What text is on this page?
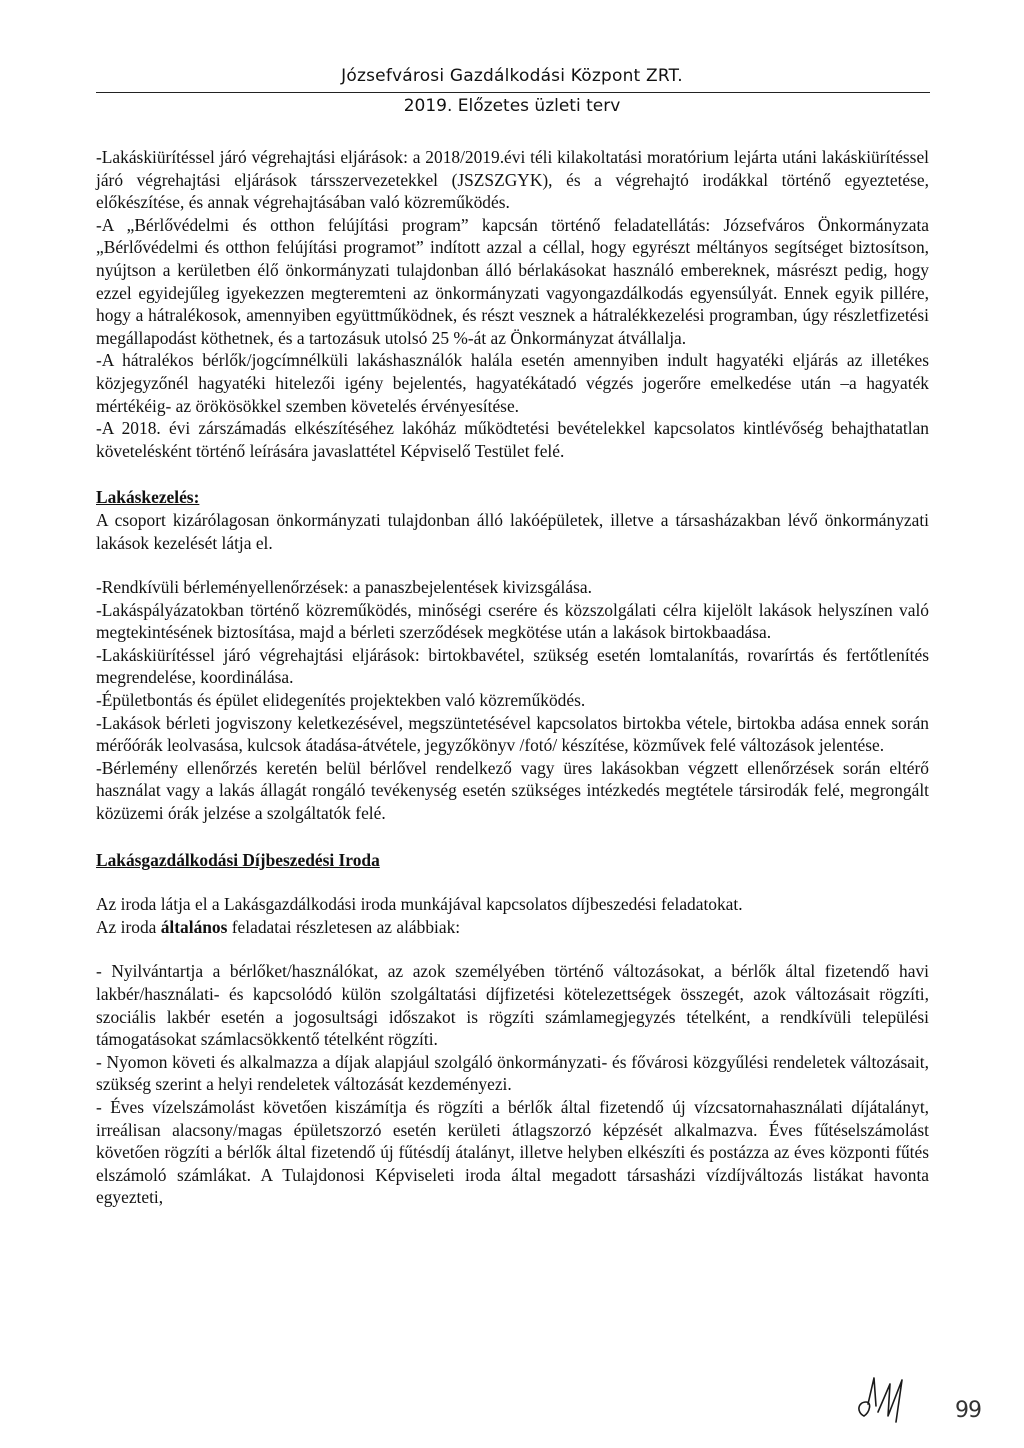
Józsefvárosi Gazdálkodási Központ ZRT.
2019. Előzetes üzleti terv

-Lakáskiürítéssel járó végrehajtási eljárások: a 2018/2019.évi téli kilakoltatási moratórium lejárta utáni lakáskiürítéssel járó végrehajtási eljárások társszervezetekkel (JSZSZGYK), és a végrehajtó irodákkal történő egyeztetése, előkészítése, és annak végrehajtásában való közreműködés.

-A „Bérlővédelmi és otthon felújítási program” kapcsán történő feladatellátás: Józsefváros Önkormányzata „Bérlővédelmi és otthon felújítási programot” indított azzal a céllal, hogy egyrészt méltányos segítséget biztosítson, nyújtson a kerületben élő önkormányzati tulajdonban álló bérlakásokat használó embereknek, másrészt pedig, hogy ezzel egyidejűleg igyekezzen megteremteni az önkormányzati vagyongazdálkodás egyensúlyát. Ennek egyik pillére, hogy a hátralékosok, amennyiben együttműködnek, és részt vesznek a hátralékkezelési programban, úgy részletfizetési megállapodást köthetnek, és a tartozásuk utolsó 25 %-át az Önkormányzat átvállalja.

-A hátralékos bérlők/jogcímnélküli lakáshasználók halála esetén amennyiben indult hagyatéki eljárás az illetékes közjegyzőnél hagyatéki hitelezői igény bejelentés, hagyatékátadó végzés jogerőre emelkedése után –a hagyaték mértékéig- az örökösökkel szemben követelés érvényesítése.

-A 2018. évi zárszámadás elkészítéséhez lakóház működtetési bevételekkel kapcsolatos kintlévőség behajthatatlan követelésként történő leírására javaslattétel Képviselő Testület felé.

Lakáskezelés:

A csoport kizárólagosan önkormányzati tulajdonban álló lakóépületek, illetve a társasházakban lévő önkormányzati lakások kezelését látja el.

-Rendkívüli bérleményellenőrzések: a panaszbejelentések kivizsgálása.

-Lakáspályázatokban történő közreműködés, minőségi cserére és közszolgálati célra kijelölt lakások helyszínen való megtekintésének biztosítása, majd a bérleti szerződések megkötése után a lakások birtokbaadása.

-Lakáskiürítéssel járó végrehajtási eljárások: birtokbavétel, szükség esetén lomtalanítás, rovarírtás és fertőtlenítés megrendelése, koordinálása.

-Épületbontás és épület elidegenítés projektekben való közreműködés.

-Lakások bérleti jogviszony keletkezésével, megszüntetésével kapcsolatos birtokba vétele, birtokba adása ennek során mérőórák leolvasása, kulcsok átadása-átvétele, jegyzőkönyv /fotó/ készítése, közművek felé változások jelentése.

-Bérlemény ellenőrzés keretén belül bérlővel rendelkező vagy üres lakásokban végzett ellenőrzések során eltérő használat vagy a lakás állagát rongáló tevékenység esetén szükséges intézkedés megtétele társirodák felé, megrongált közüzemi órák jelzése a szolgáltatók felé.

Lakásgazdálkodási Díjbeszedési Iroda

Az iroda látja el a Lakásgazdálkodási iroda munkájával kapcsolatos díjbeszedési feladatokat.

Az iroda általános feladatai részletesen az alábbiak:

- Nyilvántartja a bérlőket/használókat, az azok személyében történő változásokat, a bérlők által fizetendő havi lakbér/használati- és kapcsolódó külön szolgáltatási díjfizetési kötelezettségek összegét, azok változásait rögzíti, szociális lakbér esetén a jogosultsági időszakot is rögzíti számlamegjegyzés tételként, a rendkívüli települési támogatásokat számlacsökkentő tételként rögzíti.

- Nyomon követi és alkalmazza a díjak alapjául szolgáló önkormányzati- és fővárosi közgyűlési rendeletek változásait, szükség szerint a helyi rendeletek változását kezdeményezi.

- Éves vízelszámolást követően kiszámítja és rögzíti a bérlők által fizetendő új vízcsatornahasználati díjátalányt, irreálisan alacsony/magas épületszorzó esetén kerületi átlagszorzó képzését alkalmazva. Éves fűtéselszámolást követően rögzíti a bérlők által fizetendő új fűtésdíj átalányt, illetve helyben elkészíti és postázza az éves központi fűtés elszámoló számlákat. A Tulajdonosi Képviseleti iroda által megadott társasházi vízdíjváltozás listákat havonta egyezteti,

99
